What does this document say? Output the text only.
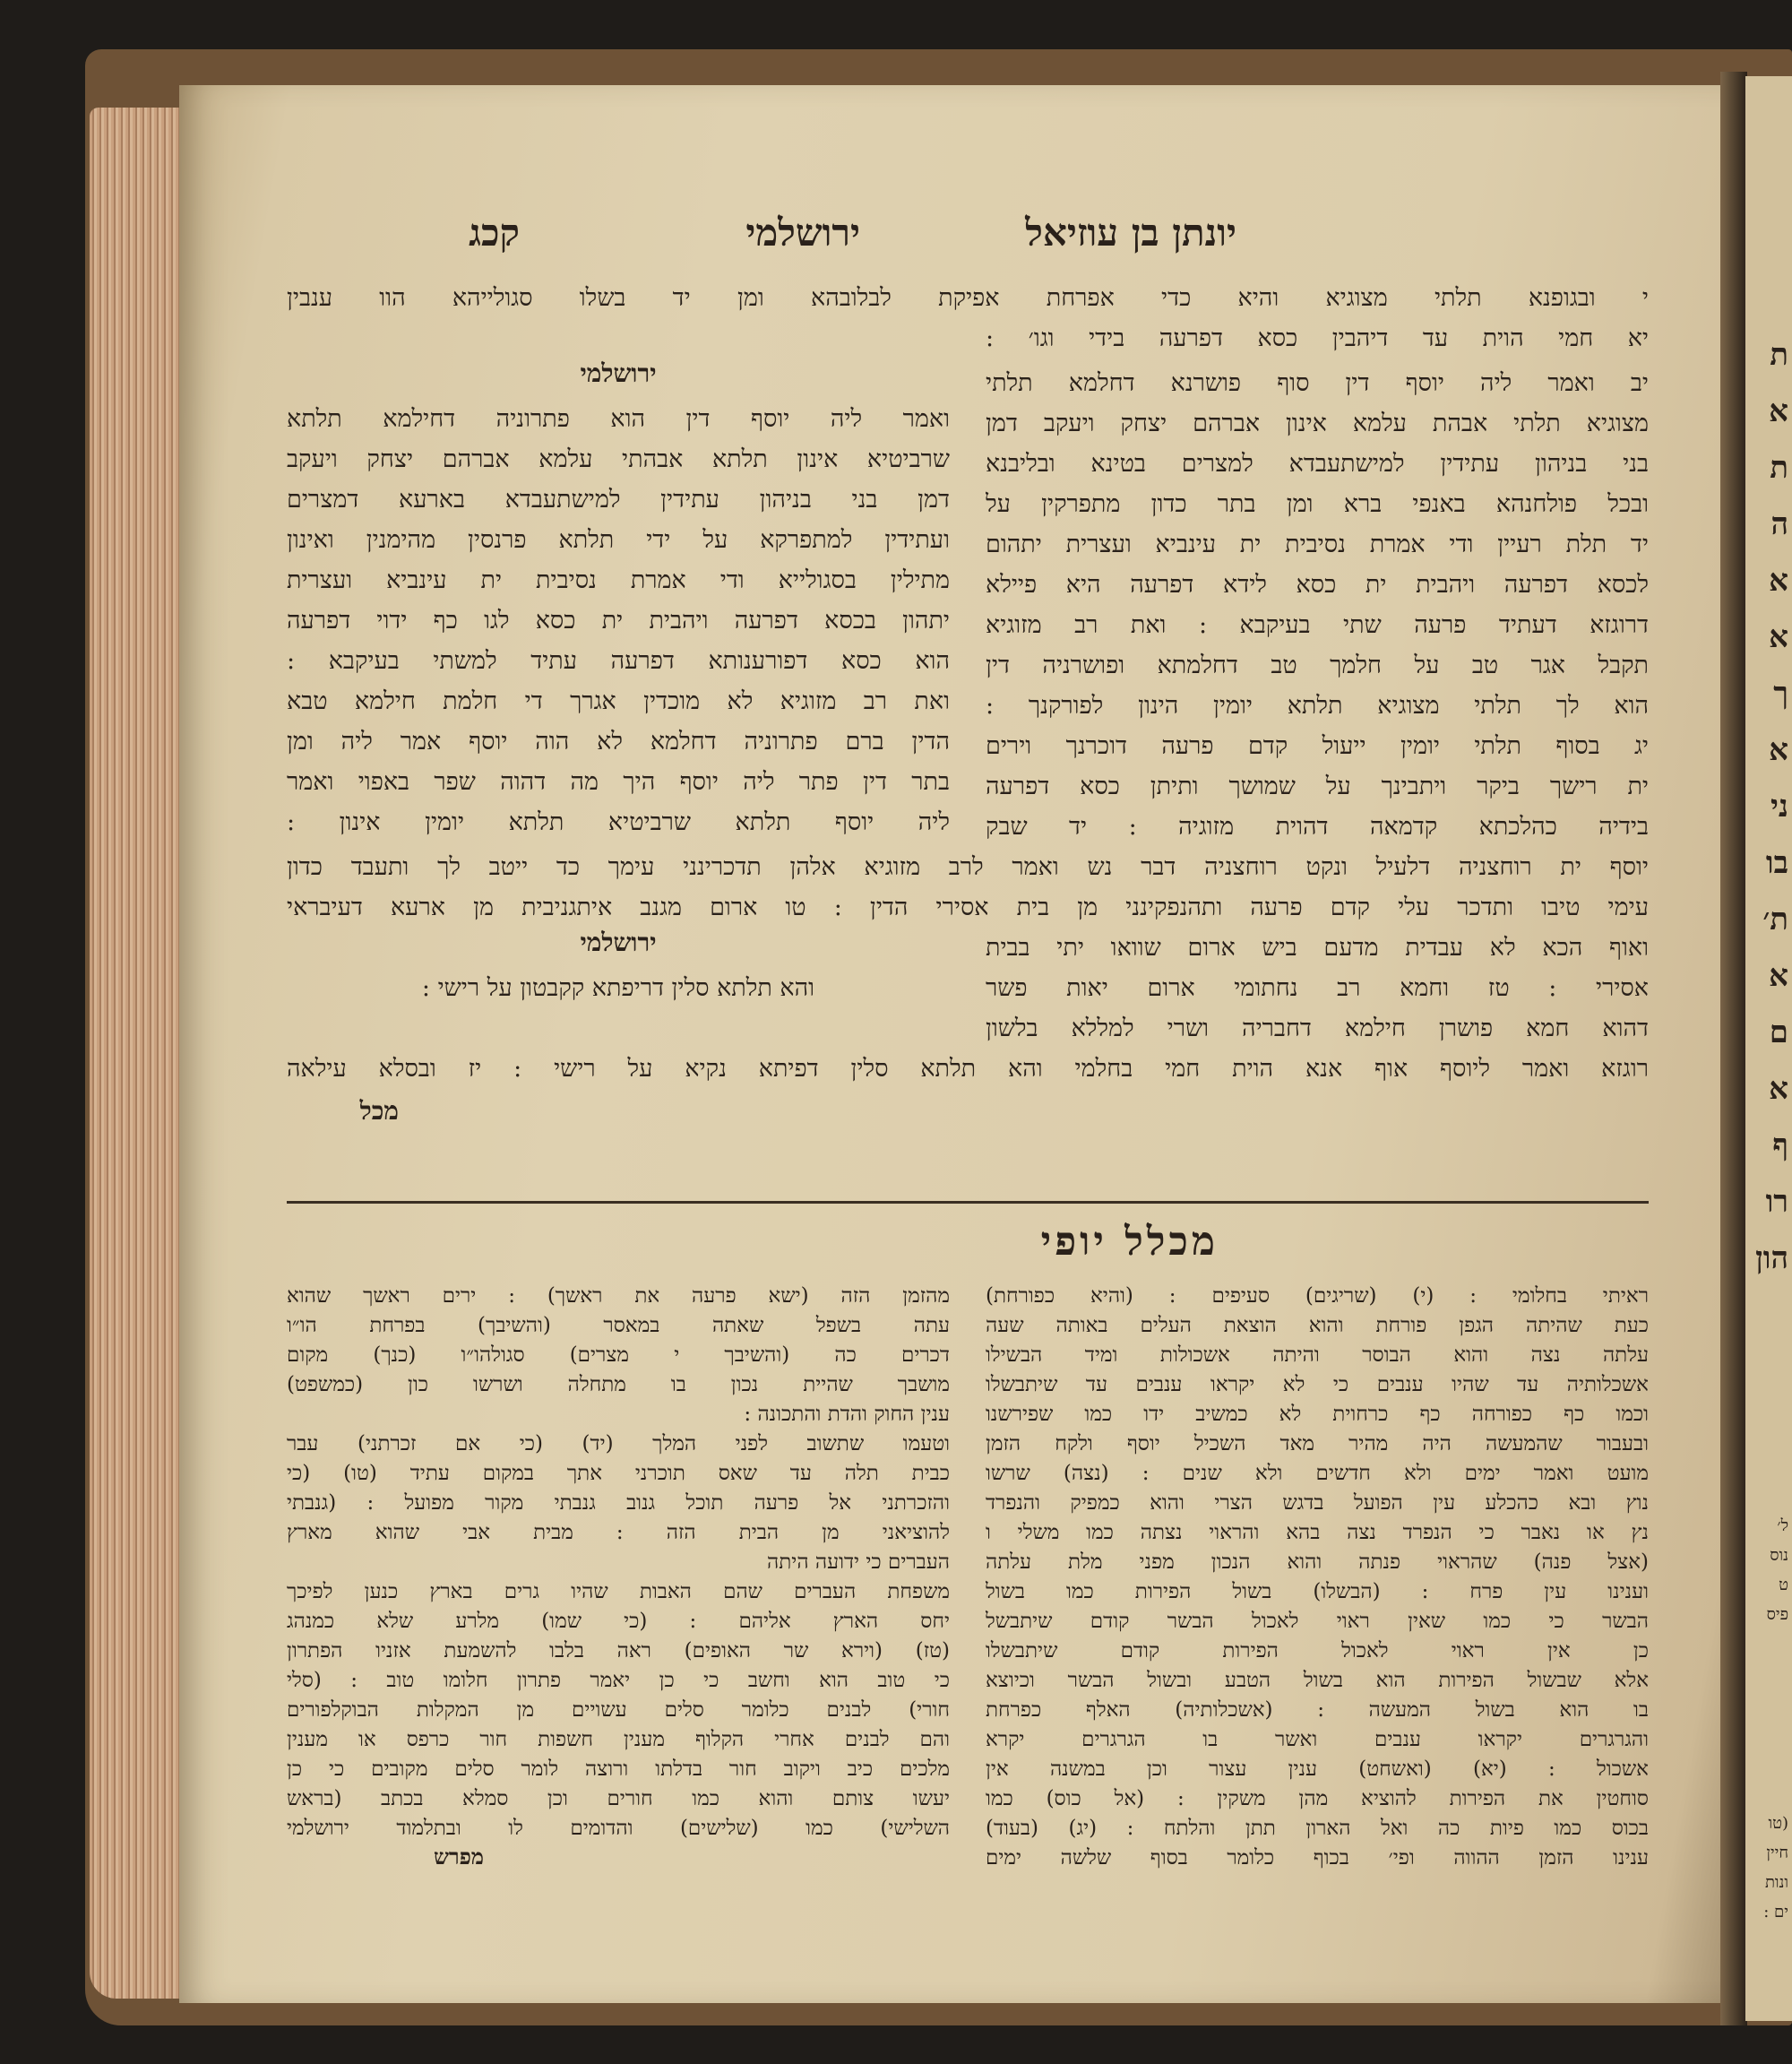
יונתן בן עוזיאל
ירושלמי
קכג
י ובגופנא תלתי מצוגיא והיא כדי אפרחת אפיקת לבלובהא ומן יד בשלו סגולייהא הוו ענבין
יא חמי הוית עד דיהבין כסא דפרעה בידי וגו׳ :
יב ואמר ליה יוסף דין סוף פושרנא דחלמא תלתי
מצוגיא תלתי אבהת עלמא אינון אברהם יצחק ויעקב דמן
בני בניהון עתידין למישתעבדא למצרים בטינא ובליבנא
ובכל פולחנהא באנפי ברא ומן בתר כדון מתפרקין על
יד תלת רעיין ודי אמרת נסיבית ית עינביא ועצרית יתהום
לכסא דפרעה ויהבית ית כסא לידא דפרעה היא פיילא
דרוגזא דעתיד פרעה שתי בעיקבא : ואת רב מזוגיא
תקבל אגר טב על חלמך טב דחלמתא ופושרניה דין
הוא לך תלתי מצוגיא תלתא יומין הינון לפורקנך :
יג בסוף תלתי יומין ייעול קדם פרעה דוכרנך וירים
ית רישך ביקר ויתבינך על שמושך ותיתן כסא דפרעה
בידיה כהלכתא קדמאה דהוית מזוגיה : יד שבק
יוסף ית רוחצניה דלעיל ונקט רוחצניה דבר נש ואמר לרב מזוגיא אלהן תדכרינני עימך כד ייטב לך ותעבד כדון
עימי טיבו ותדכר עלי קדם פרעה ותהנפקינני מן בית אסירי הדין : טו ארום מגנב איתגניבית מן ארעא דעיבראי
ואוף הכא לא עבדית מדעם ביש ארום שוואו יתי בבית
אסירי : טז וחמא רב נחתומי ארום יאות פשר
דהוא חמא פושרן חילמא דחבריה ושרי למללא בלשון
רוגזא ואמר ליוסף אוף אנא הוית חמי בחלמי והא תלתא סלין דפיתא נקיא על רישי : יז ובסלא עילאה
ירושלמי
ואמר ליה יוסף דין הוא פתרוניה דחילמא תלתא
שרביטיא אינון תלתא אבהתי עלמא אברהם יצחק ויעקב
דמן בני בניהון עתידין למישתעבדא בארעא דמצרים
ועתידין למתפרקא על ידי תלתא פרנסין מהימנין ואינון
מתילין בסגולייא ודי אמרת נסיבית ית עינביא ועצרית
יתהון בכסא דפרעה ויהבית ית כסא לגו כף ידוי דפרעה
הוא כסא דפורענותא דפרעה עתיד למשתי בעיקבא :
ואת רב מזוגיא לא מוכדין אגרך די חלמת חילמא טבא
הדין ברם פתרוניה דחלמא לא הוה יוסף אמר ליה ומן
בתר דין פתר ליה יוסף היך מה דהוה שפר באפוי ואמר
ליה יוסף תלתא שרביטיא תלתא יומין אינון :
ירושלמי
והא תלתא סלין דריפתא קקבטון על רישי :
מכל
מכלל יופי
ראיתי בחלומי : (י) (שריגים) סעיפים : (והיא כפורחת)
כעת שהיתה הגפן פורחת והוא הוצאת העלים באותה שעה
עלתה נצה והוא הבוסר והיתה אשכולות ומיד הבשילו
אשכלותיה עד שהיו ענבים כי לא יקראו ענבים עד שיתבשלו
וכמו כף כפורחה כף כרחוית לא כמשיב ידו כמו שפירשנו
ובעבור שהמעשה היה מהיר מאד השכיל יוסף ולקח הזמן
מועט ואמר ימים ולא חדשים ולא שנים : (נצה) שרשו
נוץ ובא כהכלע עין הפועל בדגש הצרי והוא כמפיק והנפרד
נץ או נאבר כי הנפרד נצה בהא והראוי נצתה כמו משלי ו
(אצל פנה) שהראוי פנתה והוא הנכון מפני מלת עלתה
וענינו עין פרח : (הבשלו) בשול הפירות כמו בשול
הבשר כי כמו שאין ראוי לאכול הבשר קודם שיתבשל
כן אין ראוי לאכול הפירות קודם שיתבשלו
אלא שבשול הפירות הוא בשול הטבע ובשול הבשר וכיוצא
בו הוא בשול המעשה : (אשכלותיה) האלף כפרחת
והגרגרים יקראו ענבים ואשר בו הגרגרים יקרא
אשכול : (יא) (ואשחט) ענין עצור וכן במשנה אין
סוחטין את הפירות להוציא מהן משקין : (אל כוס) כמו
בכוס כמו פיות כה ואל הארון תתן והלתח : (יג) (בעוד)
ענינו הזמן ההווה ופי׳ בכוף כלומר בסוף שלשה ימים
מהזמן הזה (ישא פרעה את ראשך) : ירים ראשך שהוא
עתה בשפל שאתה במאסר (והשיבך) בפרחת הו״ו
דכרים כה (והשיבך י מצרים) סגולהו״ו (כנך) מקום
מושבך שהיית נכון בו מתחלה ושרשו כון (כמשפט)
ענין החוק והדת והתכונה :
וטעמו שתשוב לפני המלך (יד) (כי אם זכרתני) עבר
כבית תלה עד שאס תוכרני אתך במקום עתיד (טו) (כי
והזכרתני אל פרעה תוכל גנוב גנבתי מקור מפועל : (גנבתי
להוציאני מן הבית הזה : מבית אבי שהוא מארץ
העברים כי ידועה היתה
משפחת העברים שהם האבות שהיו גרים בארץ כנען לפיכך
יחס הארץ אליהם : (כי שמו) מלרע שלא כמנהג
(טז) (וירא שר האופים) ראה בלבו להשמעת אזניו הפתרון
כי טוב הוא וחשב כי כן יאמר פתרון חלומו טוב : (סלי
חורי) לבנים כלומר סלים עשויים מן המקלות הבוקלפורים
והם לבנים אחרי הקלוף מענין חשפות חור כרפס או מענין
מלכים כיב ויקוב חור בדלתו ורוצה לומר סלים מקובים כי כן
יעשו צותם והוא כמו חורים וכן סמלא בכתב (בראש
השלישי) כמו (שלישים) והדומים לו ובתלמוד ירושלמי
מפרש
ת
א
ת
ה
א
א
ך
א
ני
בו
ת׳
א
ם
א
ף
רו
הון
ל׳
נוס
ט
פיס
(טו
חיין
ונות
ים :
